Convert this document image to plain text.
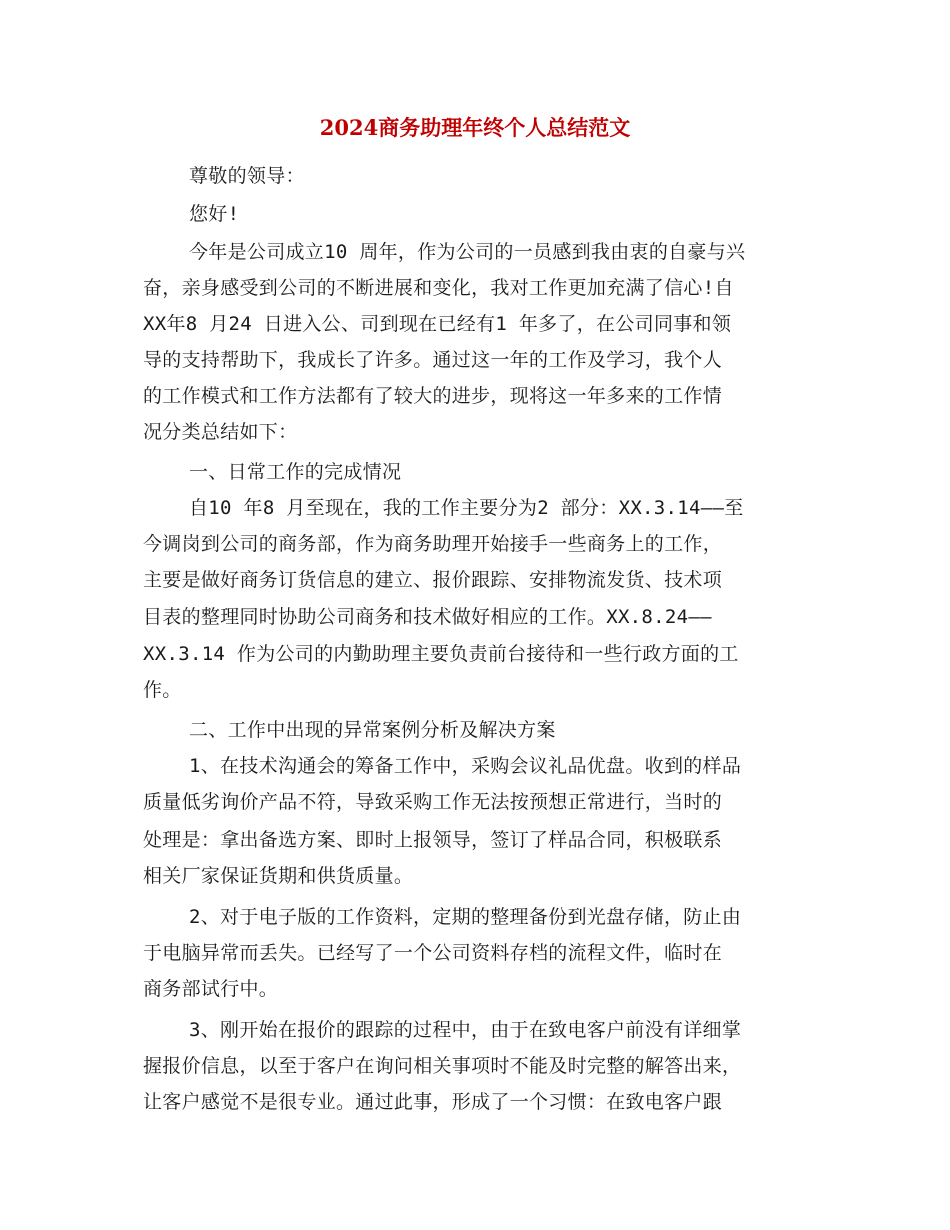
2024商务助理年终个人总结范文
尊敬的领导：
您好!
今年是公司成立10 周年，作为公司的一员感到我由衷的自豪与兴
奋，亲身感受到公司的不断进展和变化，我对工作更加充满了信心!自
XX年8 月24 日进入公、司到现在已经有1 年多了，在公司同事和领
导的支持帮助下，我成长了许多。通过这一年的工作及学习，我个人
的工作模式和工作方法都有了较大的进步，现将这一年多来的工作情
况分类总结如下：
一、日常工作的完成情况
自10 年8 月至现在，我的工作主要分为2 部分：XX.3.14——至
今调岗到公司的商务部，作为商务助理开始接手一些商务上的工作，
主要是做好商务订货信息的建立、报价跟踪、安排物流发货、技术项
目表的整理同时协助公司商务和技术做好相应的工作。XX.8.24——
XX.3.14 作为公司的内勤助理主要负责前台接待和一些行政方面的工
作。
二、工作中出现的异常案例分析及解决方案
1、在技术沟通会的筹备工作中，采购会议礼品优盘。收到的样品
质量低劣询价产品不符，导致采购工作无法按预想正常进行，当时的
处理是：拿出备选方案、即时上报领导，签订了样品合同，积极联系
相关厂家保证货期和供货质量。
2、对于电子版的工作资料，定期的整理备份到光盘存储，防止由
于电脑异常而丢失。已经写了一个公司资料存档的流程文件，临时在
商务部试行中。
3、刚开始在报价的跟踪的过程中，由于在致电客户前没有详细掌
握报价信息，以至于客户在询问相关事项时不能及时完整的解答出来，
让客户感觉不是很专业。通过此事，形成了一个习惯：在致电客户跟
